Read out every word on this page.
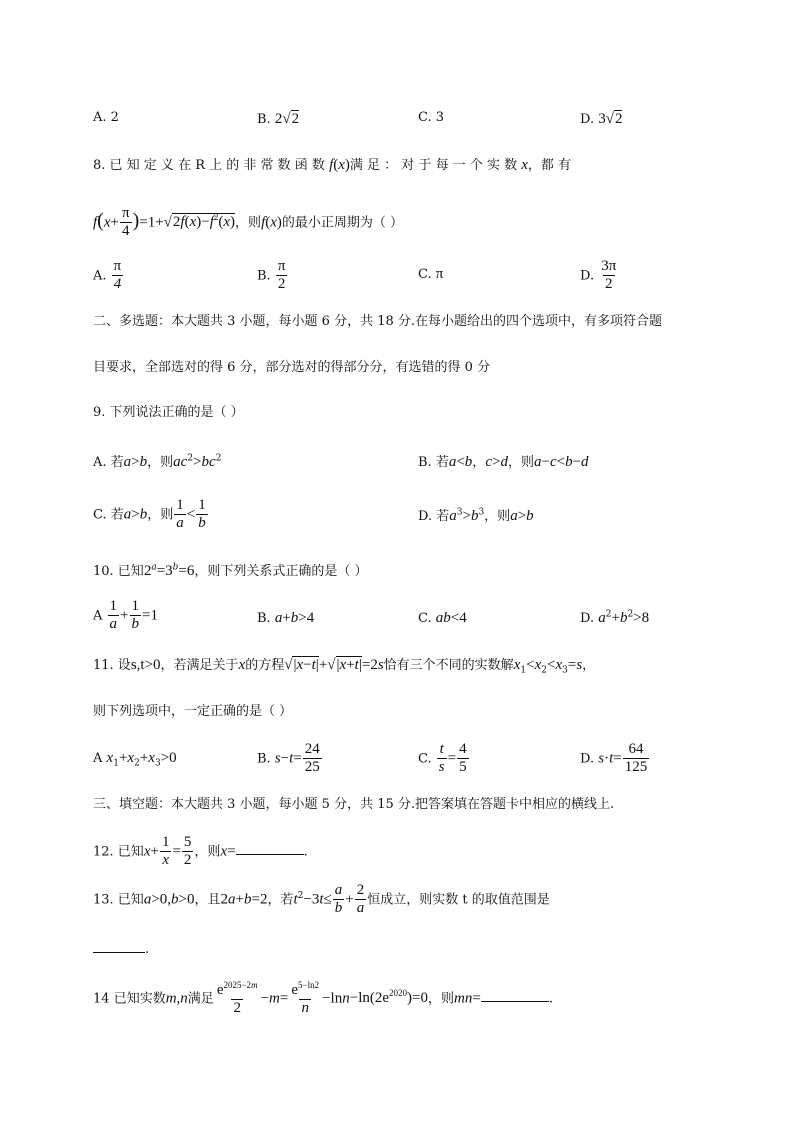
A. 2	B. 2√2	C. 3	D. 3√2
8. 已 知 定 义 在 R 上 的 非 常 数 函 数 f(x)满 足 ： 对 于 每 一 个 实 数 x，都 有
$f(x+ \frac{\pi}{4} )=1+√2f(x)-f^2(x)$，则f(x)的最小正周期为（ ）
A. $\frac{\pi}{4}$	B. $\frac{\pi}{2}$	C. π	D. $\frac{3\pi}{2}$
二、多选题：本大题共 3 小题，每小题 6 分，共 18 分.在每小题给出的四个选项中，有多项符合题
目要求，全部选对的得 6 分，部分选对的得部分分，有选错的得 0 分
9. 下列说法正确的是（ ）
A. 若a>b，则$ac^2>bc^2$	B. 若a<b，c>d，则a−c<b−d
C. 若a>b，则 $\frac{1}{a} < \frac{1}{b}$	D. 若$a^3>b^3$，则a>b
10. 已知$2^a=3^b=6$，则下列关系式正确的是（ ）
A $\frac{1}{a} + \frac{1}{b} =1$	B. a+b>4	C. ab<4	D. $a^2+b^2>8$
11. 设s,t>0，若满足关于x的方程√|x−t|+√|x+t|=2s恰有三个不同的实数解$x_1<x_2<x_3=s$，
则下列选项中，一定正确的是（ ）
A $x_1+x_2+x_3>0$	B. $s-t= \frac{24}{25}$	C. $\frac{t}{s} = \frac{4}{5}$	D. $s\cdot t= \frac{64}{125}$
三、填空题：本大题共 3 小题，每小题 5 分，共 15 分.把答案填在答题卡中相应的横线上.
12. 已知$x+ \frac{1}{x} = \frac{5}{2}$ ，则x=	.
13. 已知a>0,b>0，且2a+b=2，若$t^2-3t\le \frac{a}{b} + \frac{2}{a}$ 恒成立，则实数 t 的取值范围是
.
14 已知实数m,n满足 $\frac{e^{2025-2m}}{2} -m= \frac{e^{5-ln2}}{n} -\ln n-\ln(2e^{2020})=0$，则mn=	.
